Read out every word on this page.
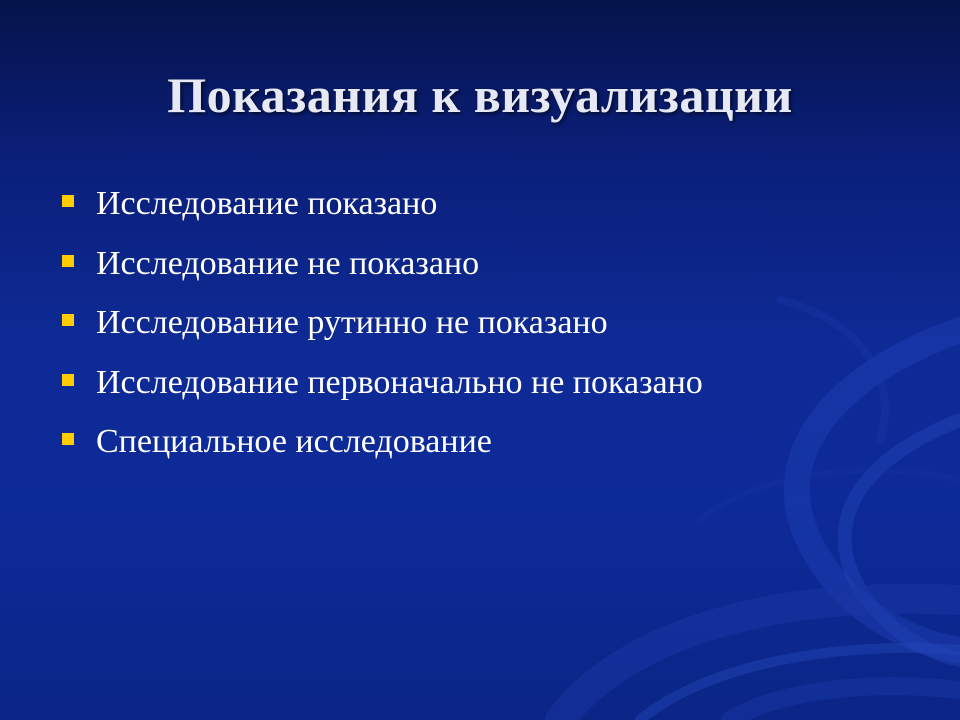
Показания к визуализации
Исследование показано
Исследование не показано
Исследование рутинно не показано
Исследование первоначально не показано
Специальное исследование
